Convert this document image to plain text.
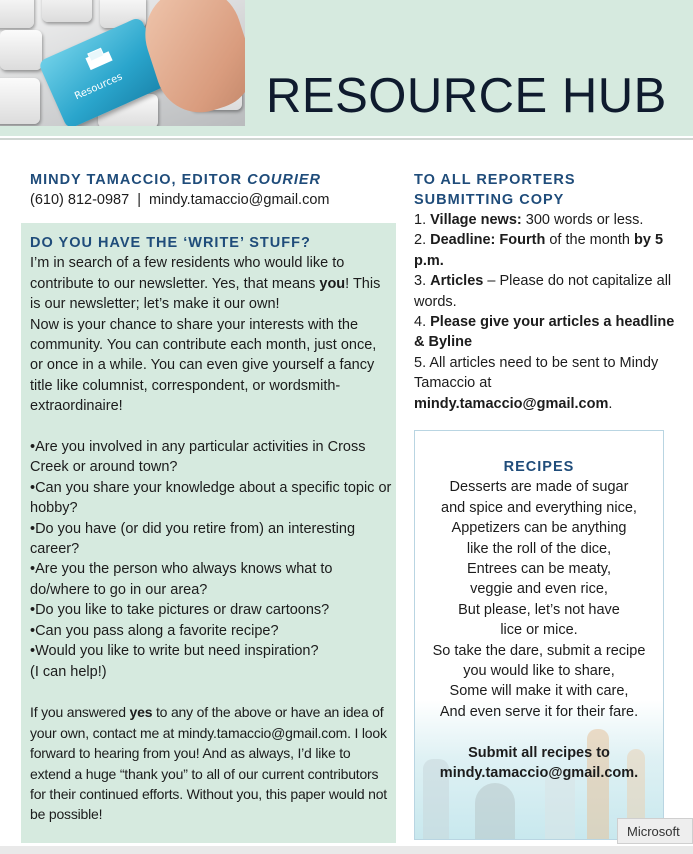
Resources	RESOURCE HUB
MINDY TAMACCIO, EDITOR COURIER
(610) 812-0987 | mindy.tamaccio@gmail.com

DO YOU HAVE THE ‘WRITE’ STUFF?

I’m in search of a few residents who would like to contribute to our newsletter. Yes, that means you! This is our newsletter; let’s make it our own!

Now is your chance to share your interests with the community. You can contribute each month, just once, or once in a while. You can even give yourself a fancy title like columnist, correspondent, or wordsmith-extraordinaire!

• Are you involved in any particular activities in Cross Creek or around town?
• Can you share your knowledge about a specific topic or hobby?
• Do you have (or did you retire from) an interesting career?
• Are you the person who always knows what to do/where to go in our area?
• Do you like to take pictures or draw cartoons?
• Can you pass along a favorite recipe?
• Would you like to write but need inspiration?

(I can help!)

If you answered yes to any of the above or have an idea of your own, contact me at mindy.tamaccio@gmail.com. I look forward to hearing from you! And as always, I’d like to extend a huge “thank you” to all of our current contributors for their continued efforts. Without you, this paper would not be possible!

TO ALL REPORTERS
SUBMITTING COPY
1. Village news: 300 words or less.
2. Deadline: Fourth of the month by 5 p.m.
3. Articles – Please do not capitalize all words.
4. Please give your articles a headline & Byline
5. All articles need to be sent to Mindy Tamaccio at mindy.tamaccio@gmail.com.

RECIPES

Desserts are made of sugar

and spice and everything nice,

Appetizers can be anything

like the roll of the dice,

Entrees can be meaty,

veggie and even rice,

But please, let’s not have

lice or mice.

So take the dare, submit a recipe

you would like to share,

Some will make it with care,

And even serve it for their fare.

Submit all recipes to

mindy.tamaccio@gmail.com.

Microsoft
